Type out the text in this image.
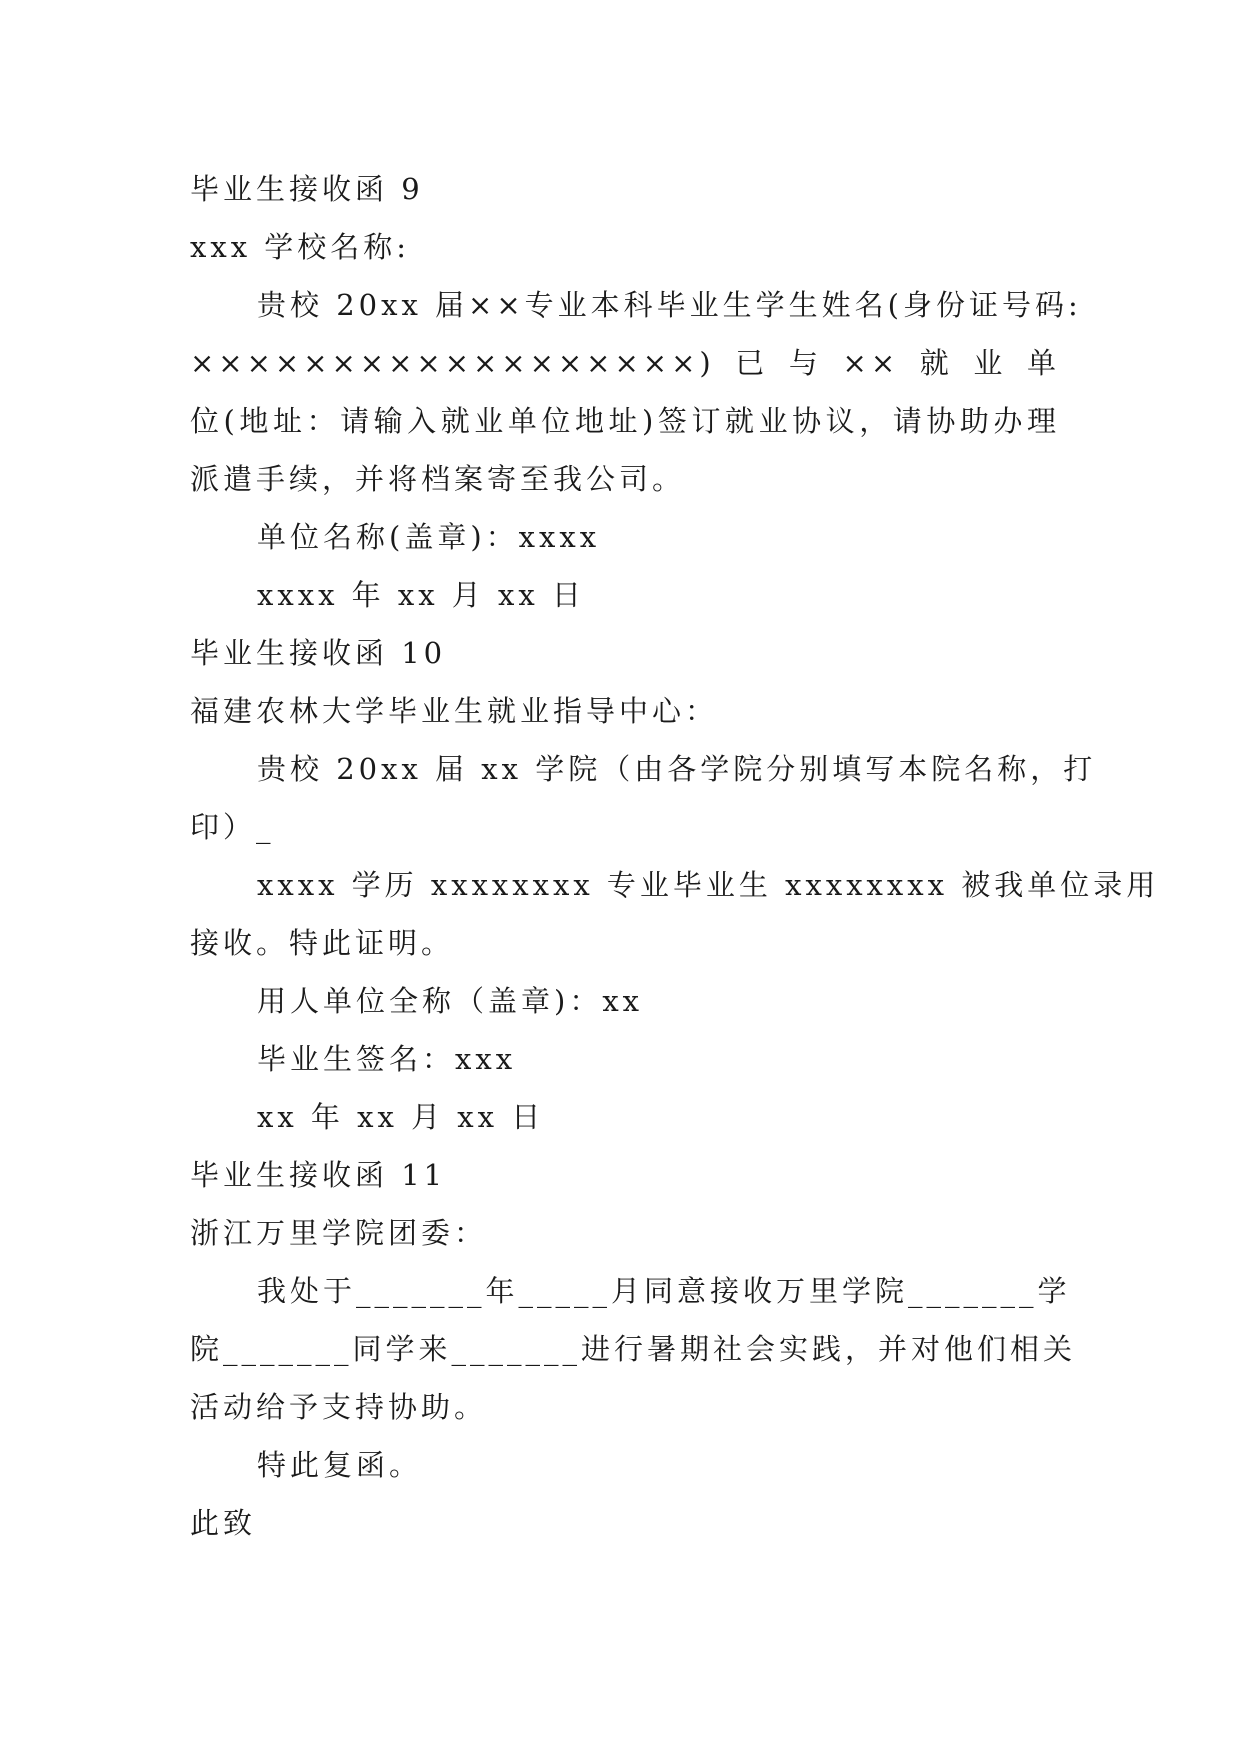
毕业生接收函 9
xxx 学校名称:
贵校 20xx 届××专业本科毕业生学生姓名(身份证号码:
××××××××××××××××××)已与××就业单
位(地址：请输入就业单位地址)签订就业协议，请协助办理
派遣手续，并将档案寄至我公司。
单位名称(盖章)：xxxx
xxxx 年 xx 月 xx 日
毕业生接收函 10
福建农林大学毕业生就业指导中心：
贵校 20xx 届 xx 学院（由各学院分别填写本院名称，打
印）_
xxxx 学历 xxxxxxxx 专业毕业生 xxxxxxxx 被我单位录用
接收。特此证明。
用人单位全称（盖章)：xx
毕业生签名：xxx
xx 年 xx 月 xx 日
毕业生接收函 11
浙江万里学院团委：
我处于_______年_____月同意接收万里学院_______学
院_______同学来_______进行暑期社会实践，并对他们相关
活动给予支持协助。
特此复函。
此致
